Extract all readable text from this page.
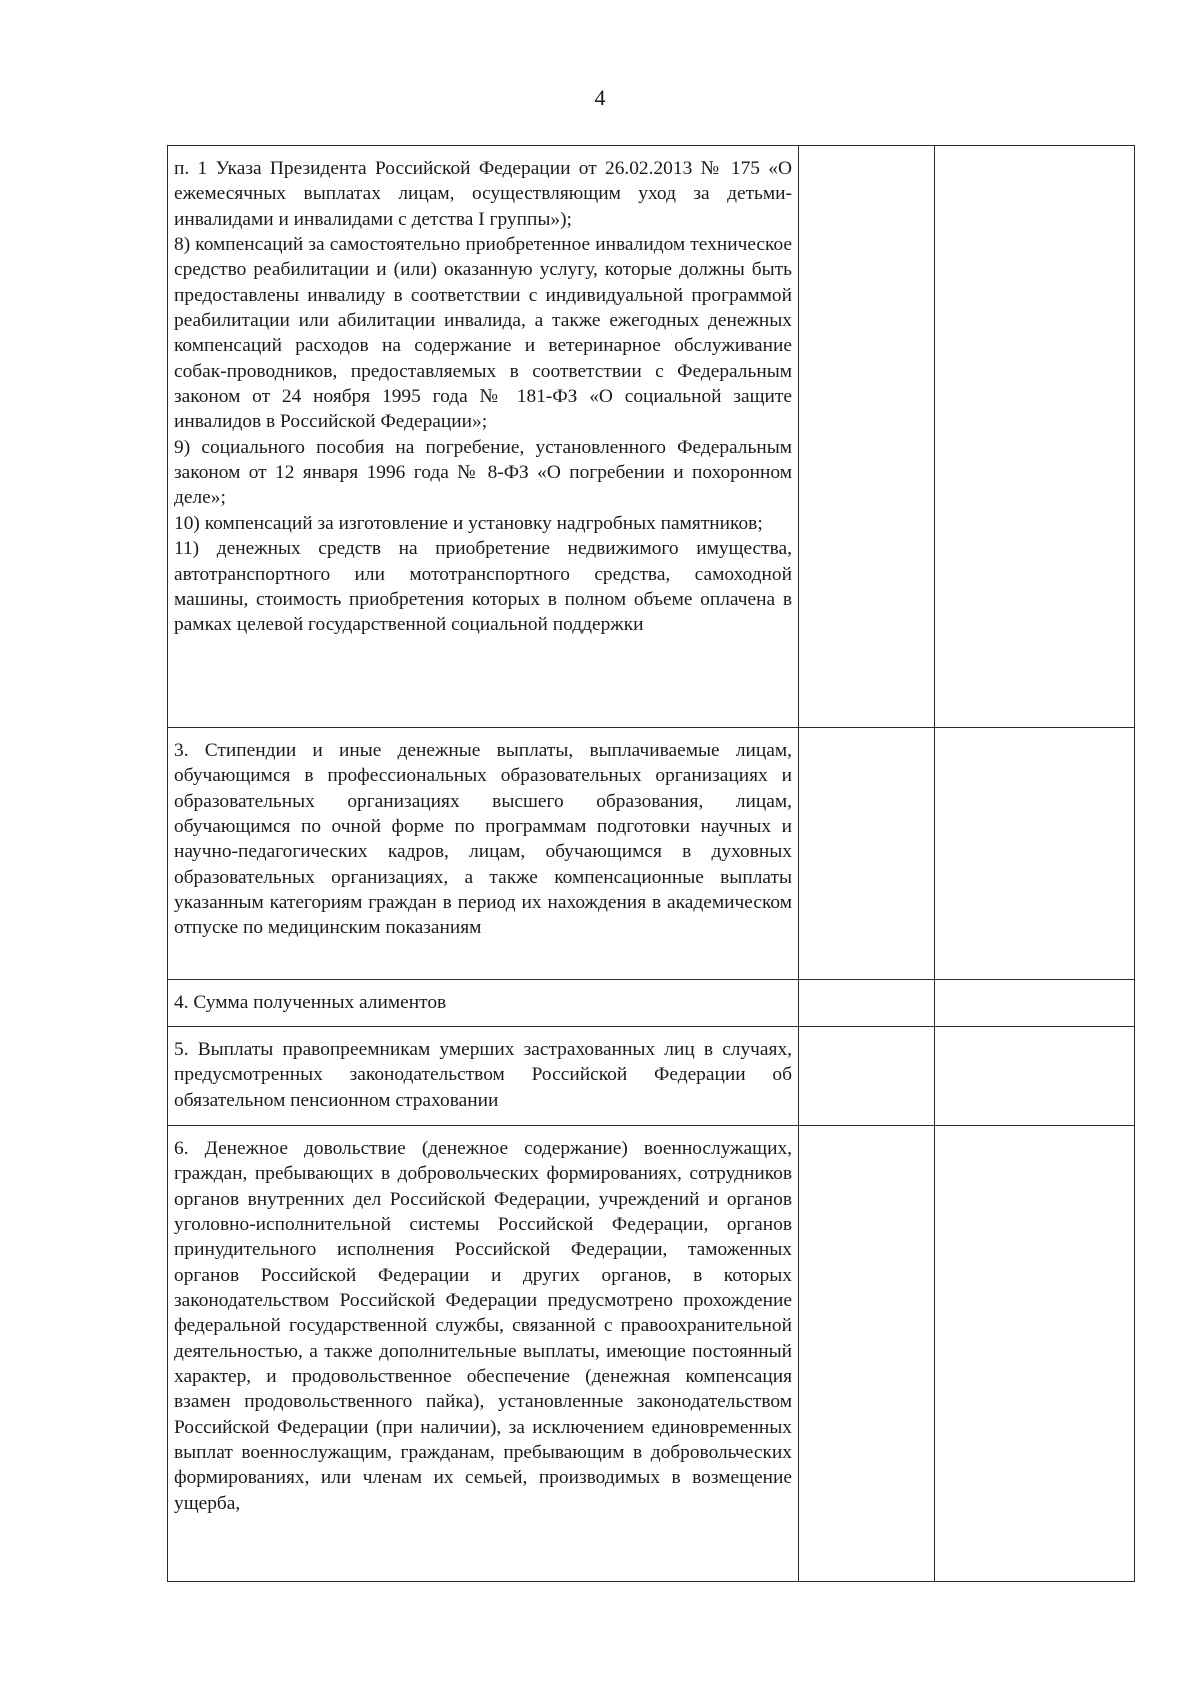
4

п. 1 Указа Президента Российской Федерации от 26.02.2013 № 175 «О ежемесячных выплатах лицам, осуществляющим уход за детьми-инвалидами и инвалидами с детства I группы»);

8) компенсаций за самостоятельно приобретенное инвалидом техническое средство реабилитации и (или) оказанную услугу, которые должны быть предоставлены инвалиду в соответствии с индивидуальной программой реабилитации или абилитации инвалида, а также ежегодных денежных компенсаций расходов на содержание и ветеринарное обслуживание собак-проводников, предоставляемых в соответствии с Федеральным законом от 24 ноября 1995 года № 181-ФЗ «О социальной защите инвалидов в Российской Федерации»;

9) социального пособия на погребение, установленного Федеральным законом от 12 января 1996 года № 8-ФЗ «О погребении и похоронном деле»;

10) компенсаций за изготовление и установку надгробных памятников;

11) денежных средств на приобретение недвижимого имущества, автотранспортного или мототранспортного средства, самоходной машины, стоимость приобретения которых в полном объеме оплачена в рамках целевой государственной социальной поддержки		

3. Стипендии и иные денежные выплаты, выплачиваемые лицам, обучающимся в профессиональных образовательных организациях и образовательных организациях высшего образования, лицам, обучающимся по очной форме по программам подготовки научных и научно-педагогических кадров, лицам, обучающимся в духовных образовательных организациях, а также компенсационные выплаты указанным категориям граждан в период их нахождения в академическом отпуске по медицинским показаниям		

4. Сумма полученных алиментов		

5. Выплаты правопреемникам умерших застрахованных лиц в случаях, предусмотренных законодательством Российской Федерации об обязательном пенсионном страховании		

6. Денежное довольствие (денежное содержание) военнослужащих, граждан, пребывающих в добровольческих формированиях, сотрудников органов внутренних дел Российской Федерации, учреждений и органов уголовно-исполнительной системы Российской Федерации, органов принудительного исполнения Российской Федерации, таможенных органов Российской Федерации и других органов, в которых законодательством Российской Федерации предусмотрено прохождение федеральной государственной службы, связанной с правоохранительной деятельностью, а также дополнительные выплаты, имеющие постоянный характер, и продовольственное обеспечение (денежная компенсация взамен продовольственного пайка), установленные законодательством Российской Федерации (при наличии), за исключением единовременных выплат военнослужащим, гражданам, пребывающим в добровольческих формированиях, или членам их семьей, производимых в возмещение ущерба,		
